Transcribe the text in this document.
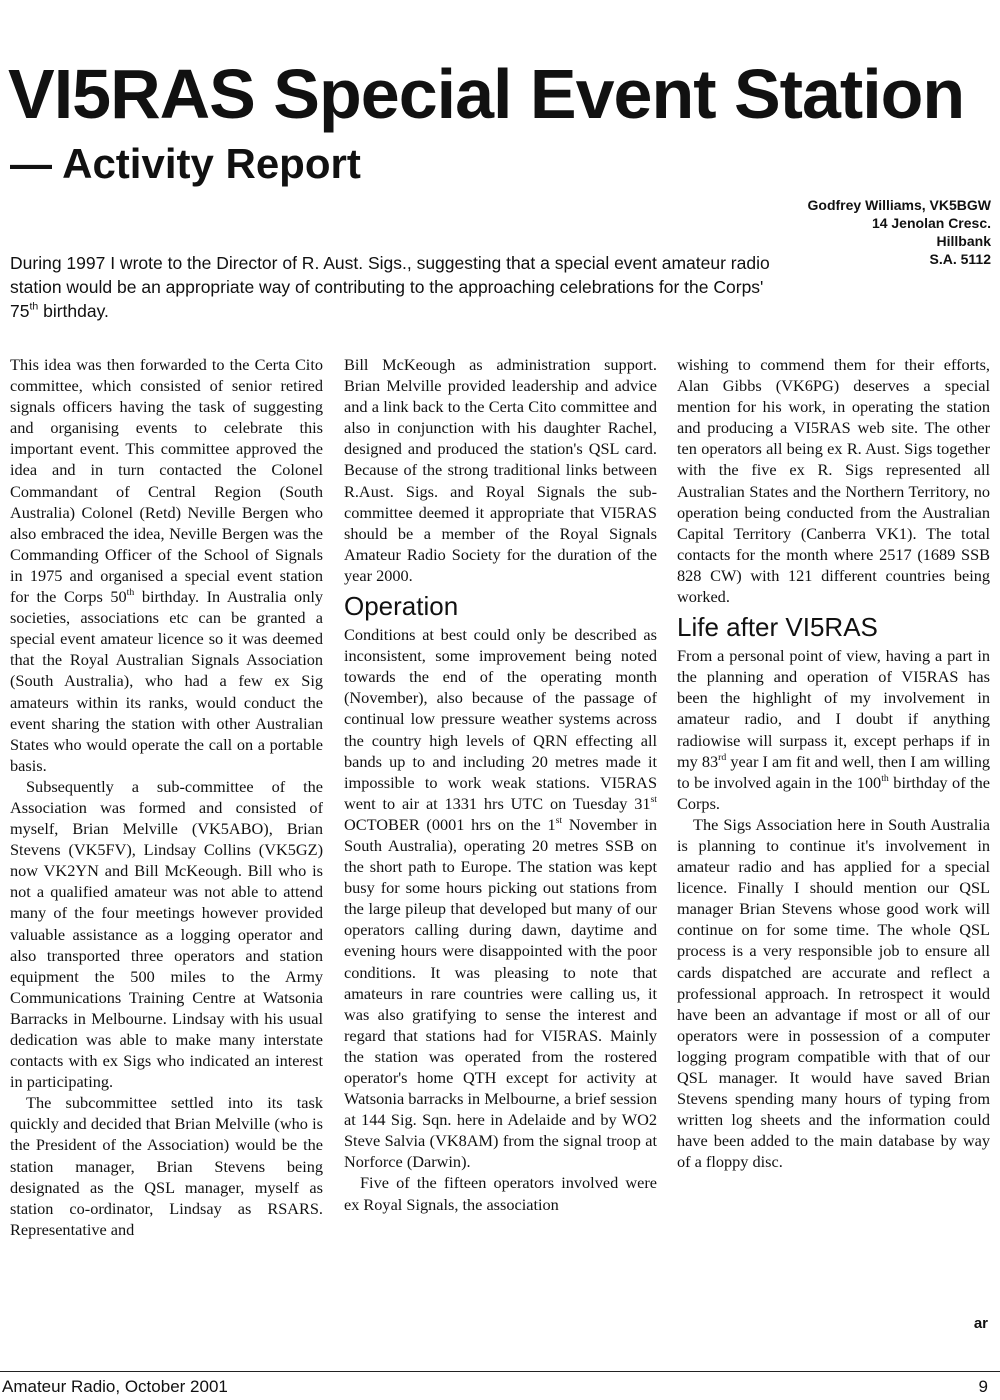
VI5RAS Special Event Station
— Activity Report
Godfrey Williams, VK5BGW
14 Jenolan Cresc.
Hillbank
S.A. 5112

During 1997 I wrote to the Director of R. Aust. Sigs., suggesting that a special event amateur radio station would be an appropriate way of contributing to the approaching celebrations for the Corps' 75th birthday.

This idea was then forwarded to the Certa Cito committee, which consisted of senior retired signals officers having the task of suggesting and organising events to celebrate this important event. This committee approved the idea and in turn contacted the Colonel Commandant of Central Region (South Australia) Colonel (Retd) Neville Bergen who also embraced the idea, Neville Bergen was the Commanding Officer of the School of Signals in 1975 and organised a special event station for the Corps 50th birthday. In Australia only societies, associations etc can be granted a special event amateur licence so it was deemed that the Royal Australian Signals Association (South Australia), who had a few ex Sig amateurs within its ranks, would conduct the event sharing the station with other Australian States who would operate the call on a portable basis.

Subsequently a sub-committee of the Association was formed and consisted of myself, Brian Melville (VK5ABO), Brian Stevens (VK5FV), Lindsay Collins (VK5GZ) now VK2YN and Bill McKeough. Bill who is not a qualified amateur was not able to attend many of the four meetings however provided valuable assistance as a logging operator and also transported three operators and station equipment the 500 miles to the Army Communications Training Centre at Watsonia Barracks in Melbourne. Lindsay with his usual dedication was able to make many interstate contacts with ex Sigs who indicated an interest in participating.

The subcommittee settled into its task quickly and decided that Brian Melville (who is the President of the Association) would be the station manager, Brian Stevens being designated as the QSL manager, myself as station co-ordinator, Lindsay as RSARS. Representative and

Bill McKeough as administration support. Brian Melville provided leadership and advice and a link back to the Certa Cito committee and also in conjunction with his daughter Rachel, designed and produced the station's QSL card. Because of the strong traditional links between R.Aust. Sigs. and Royal Signals the sub-committee deemed it appropriate that VI5RAS should be a member of the Royal Signals Amateur Radio Society for the duration of the year 2000.

Operation

Conditions at best could only be described as inconsistent, some improvement being noted towards the end of the operating month (November), also because of the passage of continual low pressure weather systems across the country high levels of QRN effecting all bands up to and including 20 metres made it impossible to work weak stations. VI5RAS went to air at 1331 hrs UTC on Tuesday 31st OCTOBER (0001 hrs on the 1st November in South Australia), operating 20 metres SSB on the short path to Europe. The station was kept busy for some hours picking out stations from the large pileup that developed but many of our operators calling during dawn, daytime and evening hours were disappointed with the poor conditions. It was pleasing to note that amateurs in rare countries were calling us, it was also gratifying to sense the interest and regard that stations had for VI5RAS. Mainly the station was operated from the rostered operator's home QTH except for activity at Watsonia barracks in Melbourne, a brief session at 144 Sig. Sqn. here in Adelaide and by WO2 Steve Salvia (VK8AM) from the signal troop at Norforce (Darwin).

Five of the fifteen operators involved were ex Royal Signals, the association

wishing to commend them for their efforts, Alan Gibbs (VK6PG) deserves a special mention for his work, in operating the station and producing a VI5RAS web site. The other ten operators all being ex R. Aust. Sigs together with the five ex R. Sigs represented all Australian States and the Northern Territory, no operation being conducted from the Australian Capital Territory (Canberra VK1). The total contacts for the month where 2517 (1689 SSB 828 CW) with 121 different countries being worked.

Life after VI5RAS

From a personal point of view, having a part in the planning and operation of VI5RAS has been the highlight of my involvement in amateur radio, and I doubt if anything radiowise will surpass it, except perhaps if in my 83rd year I am fit and well, then I am willing to be involved again in the 100th birthday of the Corps.

The Sigs Association here in South Australia is planning to continue it's involvement in amateur radio and has applied for a special licence. Finally I should mention our QSL manager Brian Stevens whose good work will continue on for some time. The whole QSL process is a very responsible job to ensure all cards dispatched are accurate and reflect a professional approach. In retrospect it would have been an advantage if most or all of our operators were in possession of a computer logging program compatible with that of our QSL manager. It would have saved Brian Stevens spending many hours of typing from written log sheets and the information could have been added to the main database by way of a floppy disc.

ar
Amateur Radio, October 2001	9
